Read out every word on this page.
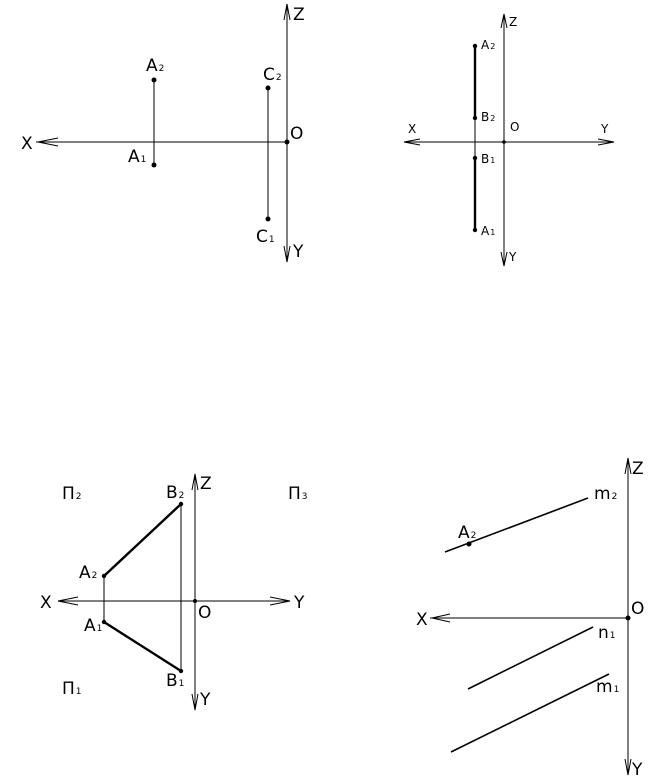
X
Z
Y
O
A2
A1
C2
C1
X
Z
Y
Y
O
A2
B2
B1
A1
X
Z
Y
Y
O
П2	П3
П1
B2
A2
A1
B1
X
Z
Y
O
m2
A2
n1
m1
